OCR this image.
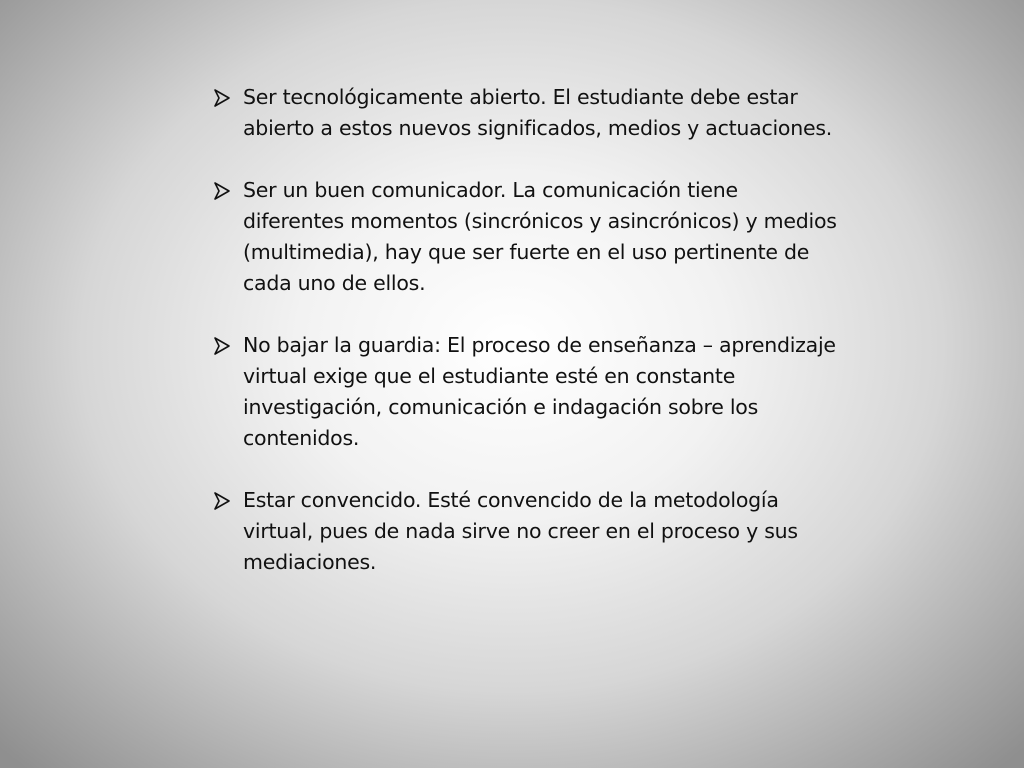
Ser tecnológicamente abierto. El estudiante debe estar
abierto a estos nuevos significados, medios y actuaciones.
Ser un buen comunicador. La comunicación tiene
diferentes momentos (sincrónicos y asincrónicos) y medios
(multimedia), hay que ser fuerte en el uso pertinente de
cada uno de ellos.
No bajar la guardia: El proceso de enseñanza – aprendizaje
virtual exige que el estudiante esté en constante
investigación, comunicación e indagación sobre los
contenidos.
Estar convencido. Esté convencido de la metodología
virtual, pues de nada sirve no creer en el proceso y sus
mediaciones.
